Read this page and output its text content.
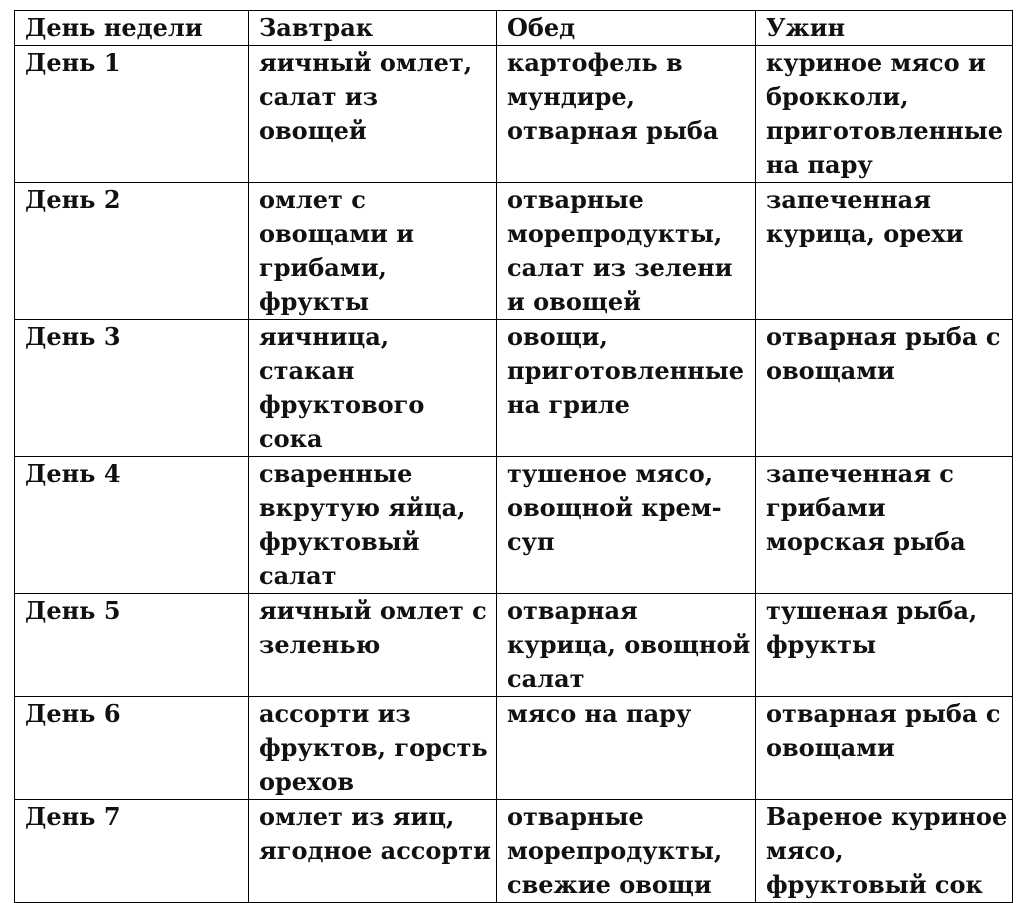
День недели	Завтрак	Обед	Ужин
День 1	яичный омлет, салат из овощей	картофель в мундире, отварная рыба	куриное мясо и брокколи, приготовленные на пару
День 2	омлет с овощами и грибами, фрукты	отварные морепродукты, салат из зелени и овощей	запеченная курица, орехи
День 3	яичница, стакан фруктового сока	овощи, приготовленные на гриле	отварная рыба с овощами
День 4	сваренные вкрутую яйца, фруктовый салат	тушеное мясо, овощной крем-суп	запеченная с грибами морская рыба
День 5	яичный омлет с зеленью	отварная курица, овощной салат	тушеная рыба, фрукты
День 6	ассорти из фруктов, горсть орехов	мясо на пару	отварная рыба с овощами
День 7	омлет из яиц, ягодное ассорти	отварные морепродукты, свежие овощи	Вареное куриное мясо, фруктовый сок
